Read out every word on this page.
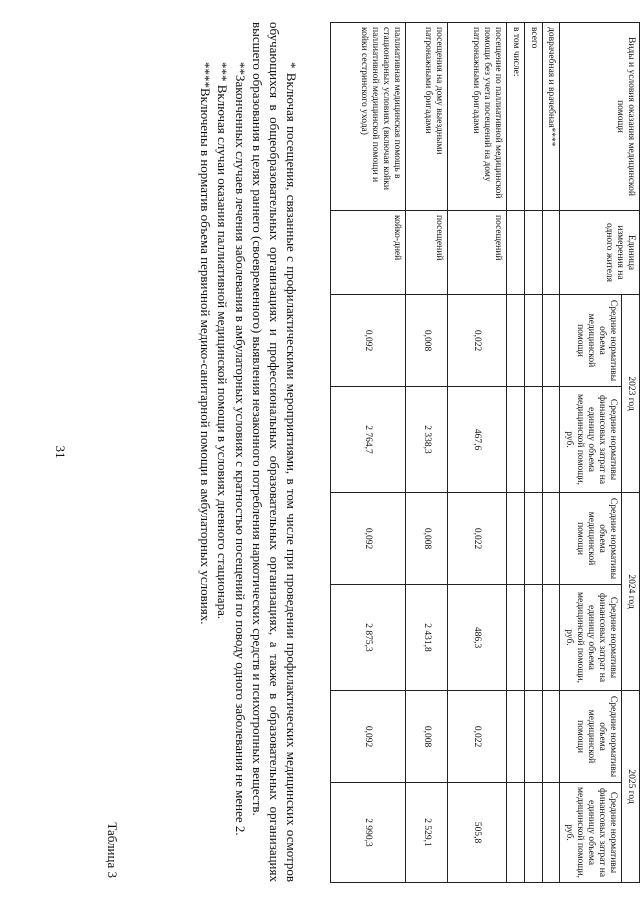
31
Виды и условия оказания медицинской помощи	Единица измерения на одного жителя	2023 год		2024 год		2025 год	
		Средние нормативы объема медицинской помощи	Средние нормативы финансовых затрат на единицу объема медицинской помощи, руб.	Средние нормативы объема медицинской помощи	Средние нормативы финансовых затрат на единицу объема медицинской помощи, руб.	Средние нормативы объема медицинской помощи	Средние нормативы финансовых затрат на единицу объема медицинской помощи, руб.
доврачебная и врачебная****							
всего							
в том числе:							
посещение по паллиативной медицинской помощи без учета посещений на дому патронажными бригадами	посещений	0,022	467,6	0,022	486,3	0,022	505,8
посещения на дому выездными патронажными бригадами	посещений	0,008	2 338,3	0,008	2 431,8	0,008	2 529,1
паллиативная медицинская помощь в стационарных условиях (включая койки паллиативной медицинской помощи и койки сестринского ухода)	койко-дней	0,092	2 764,7	0,092	2 875,3	0,092	2 990,3

* Включая посещения, связанные с профилактическими мероприятиями, в том числе при проведении профилактических медицинских осмотров обучающихся в общеобразовательных организациях и профессиональных образовательных организациях, а также в образовательных организациях высшего образования в целях раннего (своевременного) выявления незаконного потребления наркотических средств и психотропных веществ.

**Законченных случаев лечения заболевания в амбулаторных условиях с кратностью посещений по поводу одного заболевания не менее 2.

*** Включая случаи оказания паллиативной медицинской помощи в условиях дневного стационара.

****Включены в норматив объема первичной медико-санитарной помощи в амбулаторных условиях.

Таблица 3
